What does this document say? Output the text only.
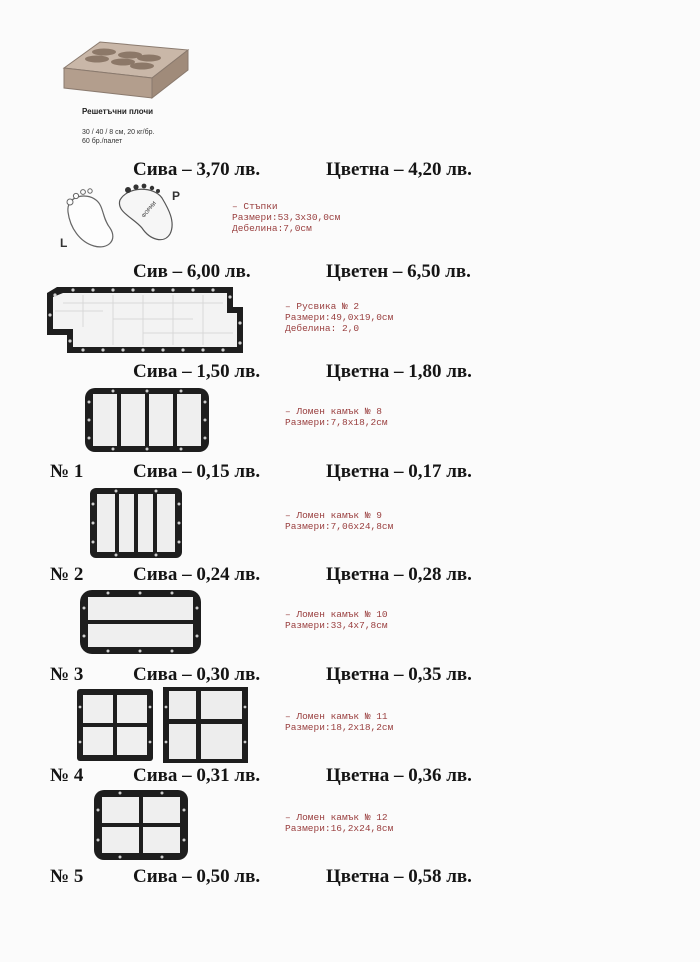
Решетъчни плочи
30 / 40 / 8 см, 20 кг/бр.
60 бр./палет
Сива – 3,70 лв.	Цветна – 4,20 лв.
ФОРМИ
L
P
– Стъпки
Размери:53,3х30,0см
Дебелина:7,0см
Сив – 6,00 лв.	Цветен – 6,50 лв.
– Русвика № 2
Размери:49,0х19,0см
Дебелина: 2,0
Сива – 1,50 лв.	Цветна – 1,80 лв.
– Ломен камък № 8
Размери:7,8х18,2см
№ 1	Сива – 0,15 лв.	Цветна – 0,17 лв.
– Ломен камък № 9
Размери:7,06х24,8см
№ 2	Сива – 0,24 лв.	Цветна – 0,28 лв.
– Ломен камък № 10
Размери:33,4х7,8см
№ 3	Сива – 0,30 лв.	Цветна – 0,35 лв.
– Ломен камък № 11
Размери:18,2х18,2см
№ 4	Сива – 0,31 лв.	Цветна – 0,36 лв.
– Ломен камък № 12
Размери:16,2х24,8см
№ 5	Сива – 0,50 лв.	Цветна – 0,58 лв.
